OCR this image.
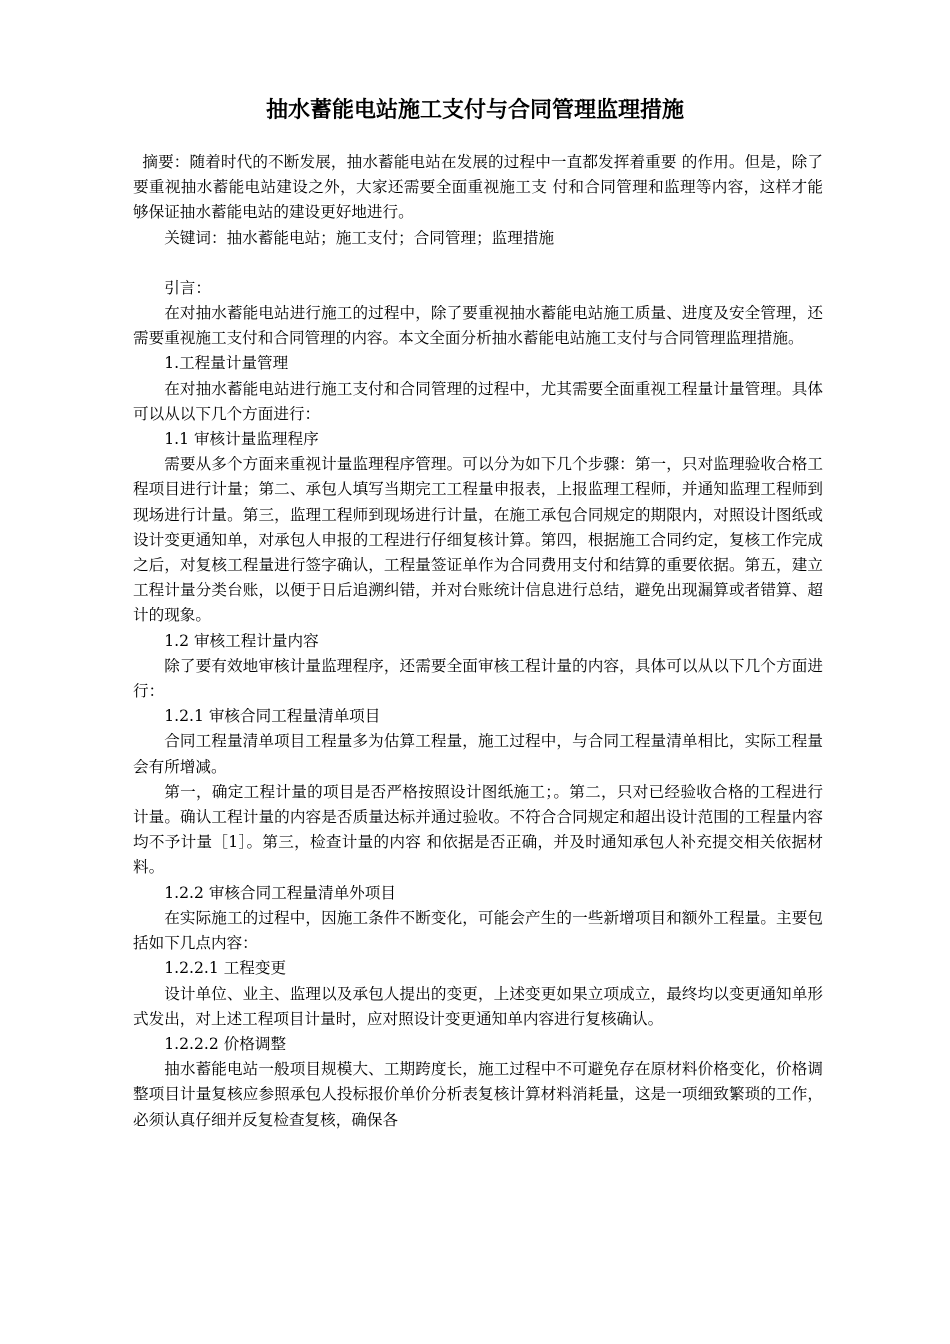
抽水蓄能电站施工支付与合同管理监理措施

摘要：随着时代的不断发展，抽水蓄能电站在发展的过程中一直都发挥着重要 的作用。但是，除了要重视抽水蓄能电站建设之外，大家还需要全面重视施工支 付和合同管理和监理等内容，这样才能够保证抽水蓄能电站的建设更好地进行。

关键词：抽水蓄能电站；施工支付；合同管理；监理措施

引言：

在对抽水蓄能电站进行施工的过程中，除了要重视抽水蓄能电站施工质量、进度及安全管理，还需要重视施工支付和合同管理的内容。本文全面分析抽水蓄能电站施工支付与合同管理监理措施。

1.工程量计量管理

在对抽水蓄能电站进行施工支付和合同管理的过程中，尤其需要全面重视工程量计量管理。具体可以从以下几个方面进行：

1.1 审核计量监理程序

需要从多个方面来重视计量监理程序管理。可以分为如下几个步骤：第一，只对监理验收合格工程项目进行计量；第二、承包人填写当期完工工程量申报表，上报监理工程师，并通知监理工程师到现场进行计量。第三，监理工程师到现场进行计量，在施工承包合同规定的期限内，对照设计图纸或设计变更通知单，对承包人申报的工程进行仔细复核计算。第四，根据施工合同约定，复核工作完成之后，对复核工程量进行签字确认，工程量签证单作为合同费用支付和结算的重要依据。第五，建立工程计量分类台账，以便于日后追溯纠错，并对台账统计信息进行总结，避免出现漏算或者错算、超计的现象。

1.2 审核工程计量内容

除了要有效地审核计量监理程序，还需要全面审核工程计量的内容，具体可以从以下几个方面进行：

1.2.1 审核合同工程量清单项目

合同工程量清单项目工程量多为估算工程量，施工过程中，与合同工程量清单相比，实际工程量会有所增减。

第一，确定工程计量的项目是否严格按照设计图纸施工；。第二，只对已经验收合格的工程进行计量。确认工程计量的内容是否质量达标并通过验收。不符合合同规定和超出设计范围的工程量内容均不予计量［1］。第三，检查计量的内容 和依据是否正确，并及时通知承包人补充提交相关依据材料。

1.2.2 审核合同工程量清单外项目

在实际施工的过程中，因施工条件不断变化，可能会产生的一些新增项目和额外工程量。主要包括如下几点内容：

1.2.2.1 工程变更

设计单位、业主、监理以及承包人提出的变更，上述变更如果立项成立，最终均以变更通知单形式发出，对上述工程项目计量时，应对照设计变更通知单内容进行复核确认。

1.2.2.2 价格调整

抽水蓄能电站一般项目规模大、工期跨度长，施工过程中不可避免存在原材料价格变化，价格调整项目计量复核应参照承包人投标报价单价分析表复核计算材料消耗量，这是一项细致繁琐的工作，必须认真仔细并反复检查复核，确保各
